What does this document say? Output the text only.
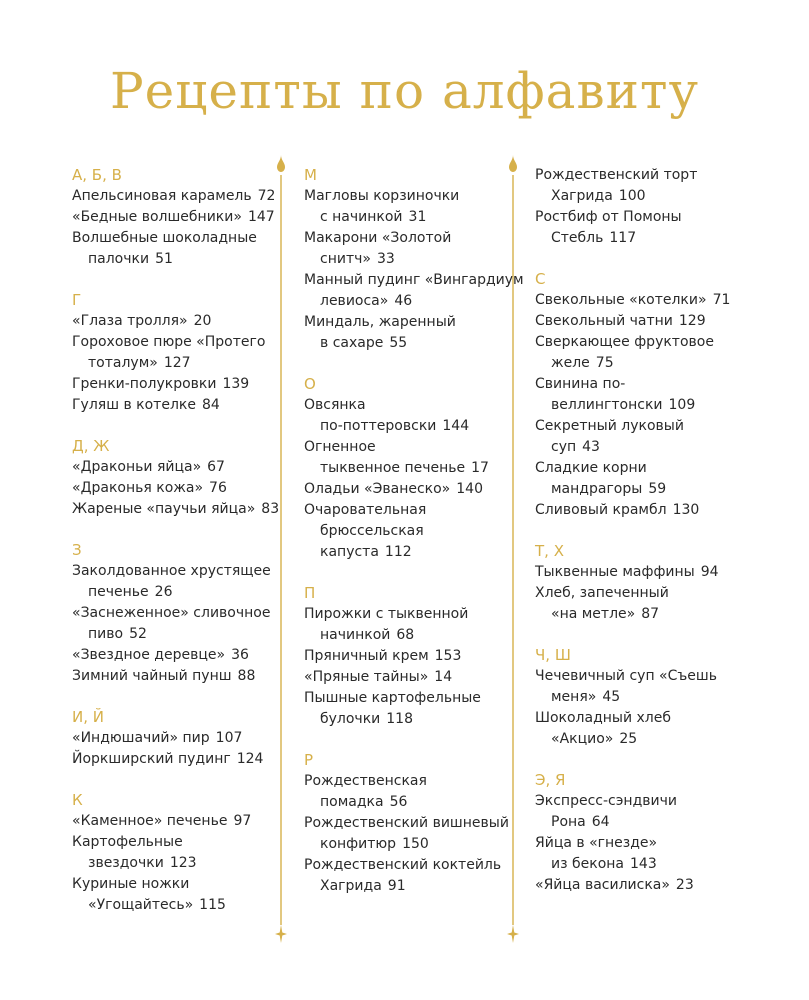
Рецепты по алфавиту
А, Б, В
Апельсиновая карамель 72
«Бедные волшебники» 147
Волшебные шоколадные
палочки 51
Г
«Глаза тролля» 20
Гороховое пюре «Протего
тоталум» 127
Гренки-полукровки 139
Гуляш в котелке 84
Д, Ж
«Драконьи яйца» 67
«Драконья кожа» 76
Жареные «паучьи яйца» 83
З
Заколдованное хрустящее
печенье 26
«Заснеженное» сливочное
пиво 52
«Звездное деревце» 36
Зимний чайный пунш 88
И, Й
«Индюшачий» пир 107
Йоркширский пудинг 124
К
«Каменное» печенье 97
Картофельные
звездочки 123
Куриные ножки
«Угощайтесь» 115
М
Магловы корзиночки
с начинкой 31
Макарони «Золотой
снитч» 33
Манный пудинг «Вингардиум
левиоса» 46
Миндаль, жаренный
в сахаре 55
О
Овсянка
по-поттеровски 144
Огненное
тыквенное печенье 17
Оладьи «Эванеско» 140
Очаровательная
брюссельская
капуста 112
П
Пирожки с тыквенной
начинкой 68
Пряничный крем 153
«Пряные тайны» 14
Пышные картофельные
булочки 118
Р
Рождественская
помадка 56
Рождественский вишневый
конфитюр 150
Рождественский коктейль
Хагрида 91
Рождественский торт
Хагрида 100
Ростбиф от Помоны
Стебль 117
С
Свекольные «котелки» 71
Свекольный чатни 129
Сверкающее фруктовое
желе 75
Свинина по-
веллингтонски 109
Секретный луковый
суп 43
Сладкие корни
мандрагоры 59
Сливовый крамбл 130
Т, Х
Тыквенные маффины 94
Хлеб, запеченный
«на метле» 87
Ч, Ш
Чечевичный суп «Съешь
меня» 45
Шоколадный хлеб
«Акцио» 25
Э, Я
Экспресс-сэндвичи
Рона 64
Яйца в «гнезде»
из бекона 143
«Яйца василиска» 23
